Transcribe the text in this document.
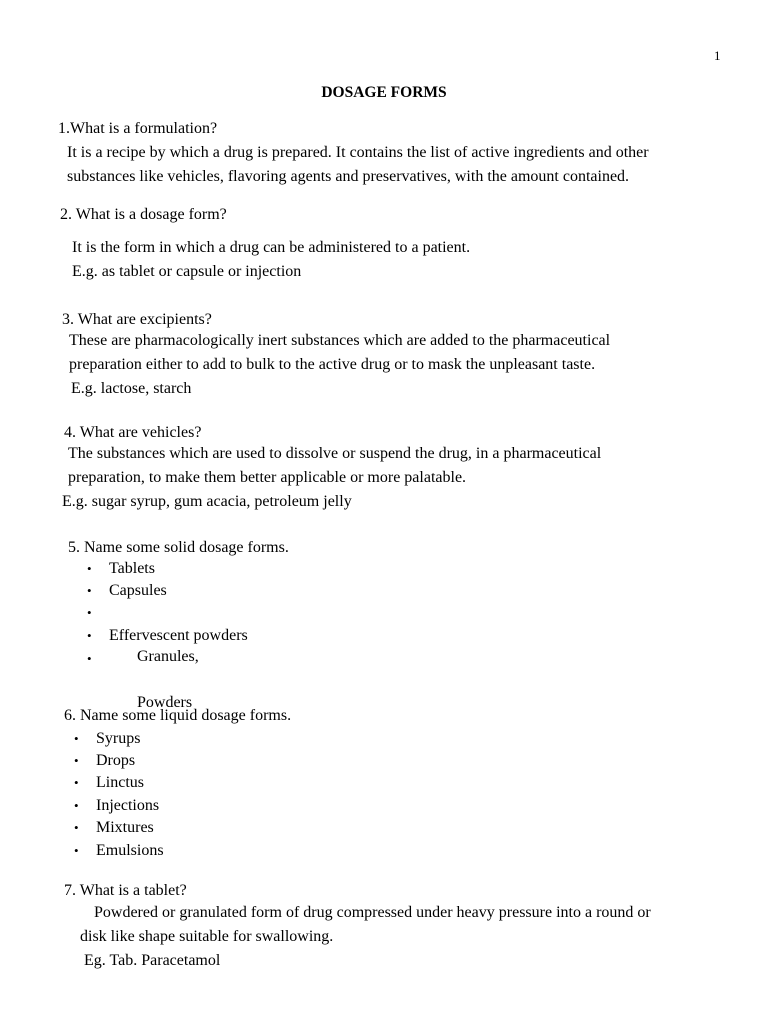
1
DOSAGE FORMS
1.What is a formulation?
It is a recipe by which a drug is prepared. It contains the list of active ingredients and other
substances like vehicles, flavoring agents and preservatives, with the amount contained.
2. What is a dosage form?
It is the form in which a drug can be administered to a patient.
E.g. as tablet or capsule or injection
3. What are excipients?
These are pharmacologically inert substances which are added to the pharmaceutical
preparation either to add to bulk to the active drug or to mask the unpleasant taste.
E.g. lactose, starch
4. What are vehicles?
The substances which are used to dissolve or suspend the drug, in a pharmaceutical
preparation, to make them better applicable or more palatable.
E.g. sugar syrup, gum acacia, petroleum jelly
5. Name some solid dosage forms.
• Tablets
• Capsules

•

Granules,

• Effervescent powders

•

Powders

6. Name some liquid dosage forms.
• Syrups
• Drops
• Linctus
• Injections
• Mixtures
• Emulsions
7. What is a tablet?
Powdered or granulated form of drug compressed under heavy pressure into a round or
disk like shape suitable for swallowing.
Eg. Tab. Paracetamol
